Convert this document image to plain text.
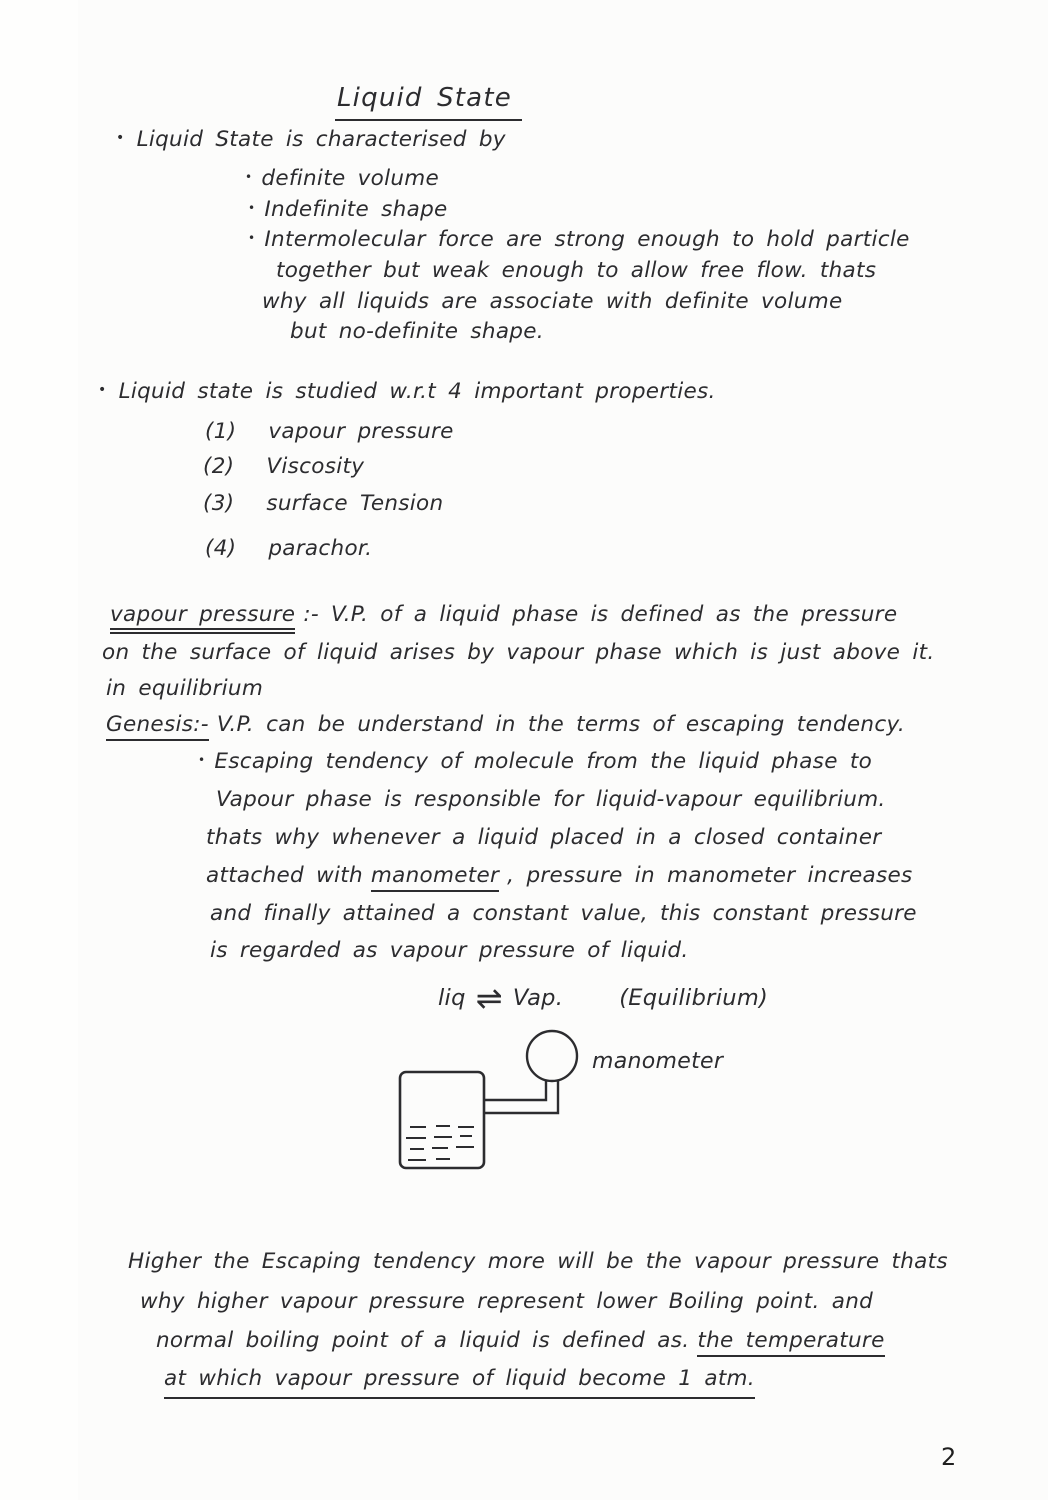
Liquid State
• Liquid State is characterised by
• definite volume
• Indefinite shape
• Intermolecular force are strong enough to hold particle
together but weak enough to allow free flow. thats
why all liquids are associate with definite volume
but no-definite shape.
• Liquid state is studied w.r.t 4 important properties.
(1) vapour pressure
(2) Viscosity
(3) surface Tension
(4) parachor.
vapour pressure :- V.P. of a liquid phase is defined as the pressure
on the surface of liquid arises by vapour phase which is just above it.
in equilibrium
Genesis:- V.P. can be understand in the terms of escaping tendency.
• Escaping tendency of molecule from the liquid phase to
Vapour phase is responsible for liquid-vapour equilibrium.
thats why whenever a liquid placed in a closed container
attached with manometer , pressure in manometer increases
and finally attained a constant value, this constant pressure
is regarded as vapour pressure of liquid.
liq ⇌ Vap. (Equilibrium)
manometer
Higher the Escaping tendency more will be the vapour pressure thats
why higher vapour pressure represent lower Boiling point. and
normal boiling point of a liquid is defined as. the temperature
at which vapour pressure of liquid become 1 atm.
2
